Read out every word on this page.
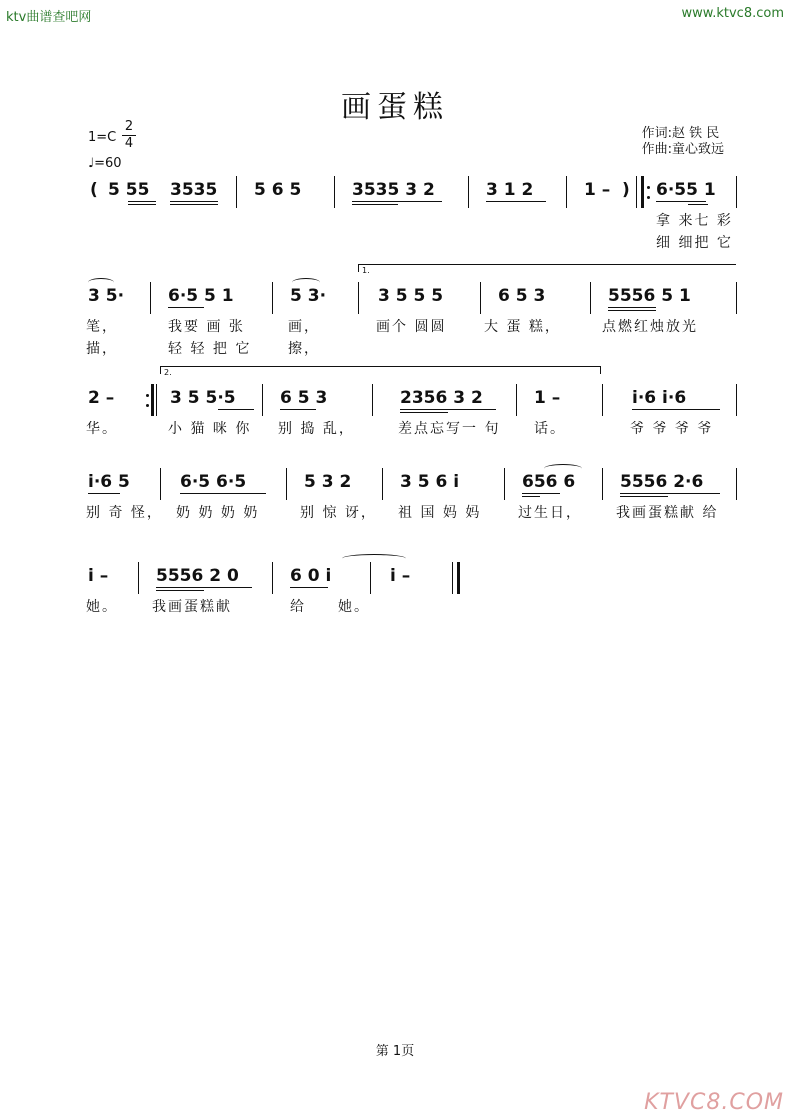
ktv曲谱查吧网	www.ktvc8.com
画蛋糕
1=C
2
4
♩=60
作词:赵 铁 民
作曲:童心致远
( 5 55 3535 5 6 5	3535 3 2	3 1 2	1 – ) 6·55 1
拿 来七 彩
细 细把 它
1.
3 5·	6·5 5 1	5 3·	3 5 5 5	6 5 3	5556 5 1
笔，	我要 画 张	画，	画个 圆圆	大 蛋 糕，	点燃红烛放光
描，	轻 轻 把 它	擦，
2.
2 –	3 5 5·5	6 5 3	2356 3 2	1 –	i·6 i·6
华。	小 猫 咪 你 别 捣 乱，	差点忘写一 句 话。	爷 爷 爷 爷
i·6 5	6·5 6·5	5 3 2	3 5 6 i	656 6	5556 2·6
别 奇 怪， 奶 奶 奶 奶	别 惊 讶， 祖 国 妈 妈	过生日， 我画蛋糕献 给
i –	5556 2 0	6 0 i	i –
她。 我画蛋糕献	给 她。
第 1页
KTVC8.COM
